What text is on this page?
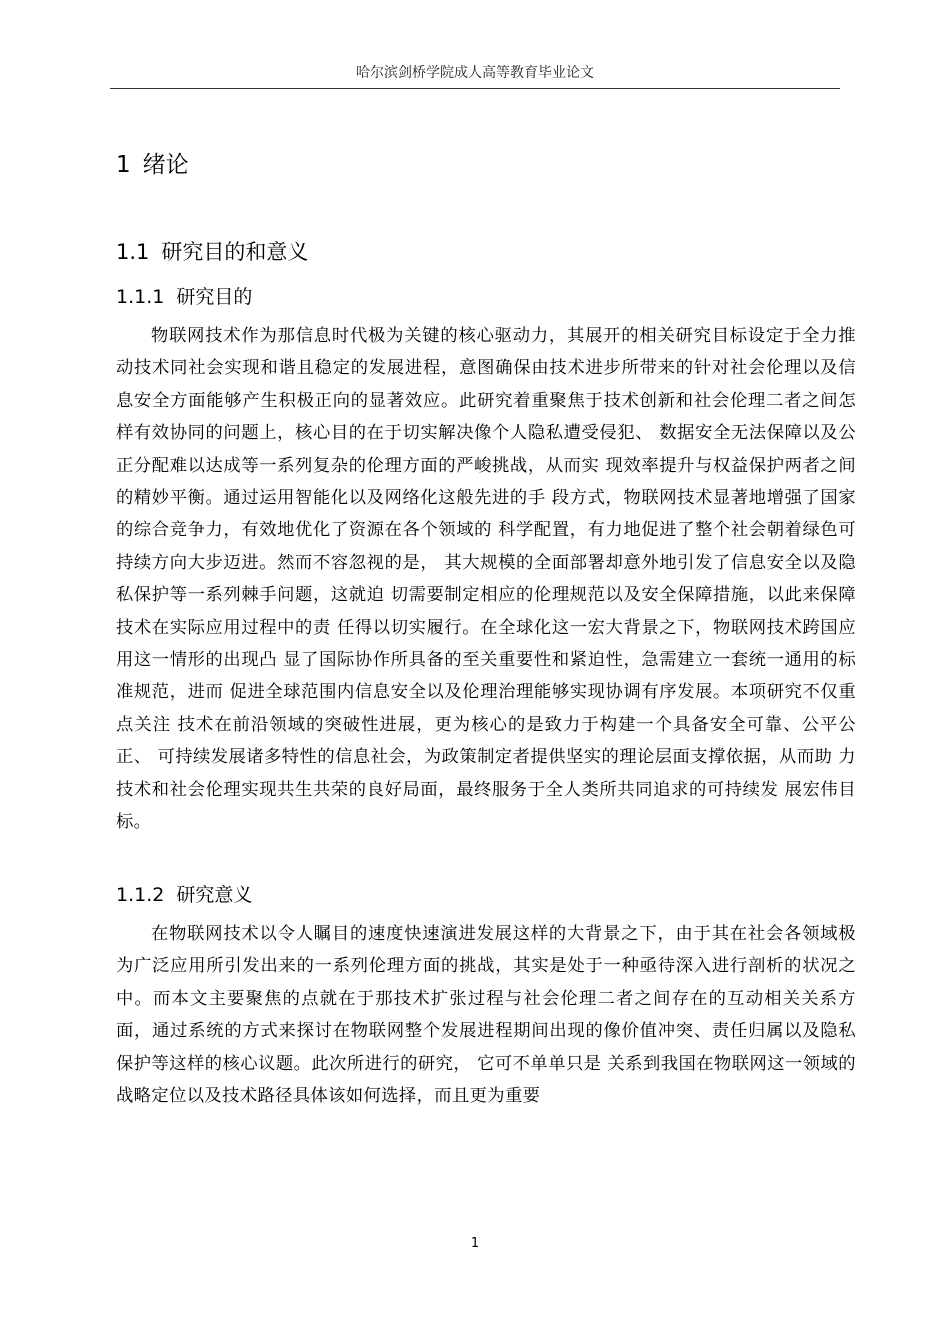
哈尔滨剑桥学院成人高等教育毕业论文
1 绪论
1.1 研究目的和意义
1.1.1 研究目的

物联网技术作为那信息时代极为关键的核心驱动力，其展开的相关研究目标设定于全力推动技术同社会实现和谐且稳定的发展进程，意图确保由技术进步所带来的针对社会伦理以及信息安全方面能够产生积极正向的显著效应。此研究着重聚焦于技术创新和社会伦理二者之间怎样有效协同的问题上，核心目的在于切实解决像个人隐私遭受侵犯、 数据安全无法保障以及公正分配难以达成等一系列复杂的伦理方面的严峻挑战，从而实 现效率提升与权益保护两者之间的精妙平衡。通过运用智能化以及网络化这般先进的手 段方式，物联网技术显著地增强了国家的综合竞争力，有效地优化了资源在各个领域的 科学配置，有力地促进了整个社会朝着绿色可持续方向大步迈进。然而不容忽视的是， 其大规模的全面部署却意外地引发了信息安全以及隐私保护等一系列棘手问题，这就迫 切需要制定相应的伦理规范以及安全保障措施，以此来保障技术在实际应用过程中的责 任得以切实履行。在全球化这一宏大背景之下，物联网技术跨国应用这一情形的出现凸 显了国际协作所具备的至关重要性和紧迫性，急需建立一套统一通用的标准规范，进而 促进全球范围内信息安全以及伦理治理能够实现协调有序发展。本项研究不仅重点关注 技术在前沿领域的突破性进展，更为核心的是致力于构建一个具备安全可靠、公平公正、 可持续发展诸多特性的信息社会，为政策制定者提供坚实的理论层面支撑依据，从而助 力技术和社会伦理实现共生共荣的良好局面，最终服务于全人类所共同追求的可持续发 展宏伟目标。

1.1.2 研究意义

在物联网技术以令人瞩目的速度快速演进发展这样的大背景之下，由于其在社会各领域极为广泛应用所引发出来的一系列伦理方面的挑战，其实是处于一种亟待深入进行剖析的状况之中。而本文主要聚焦的点就在于那技术扩张过程与社会伦理二者之间存在的互动相关关系方面，通过系统的方式来探讨在物联网整个发展进程期间出现的像价值冲突、责任归属以及隐私保护等这样的核心议题。此次所进行的研究， 它可不单单只是 关系到我国在物联网这一领域的战略定位以及技术路径具体该如何选择，而且更为重要

1
